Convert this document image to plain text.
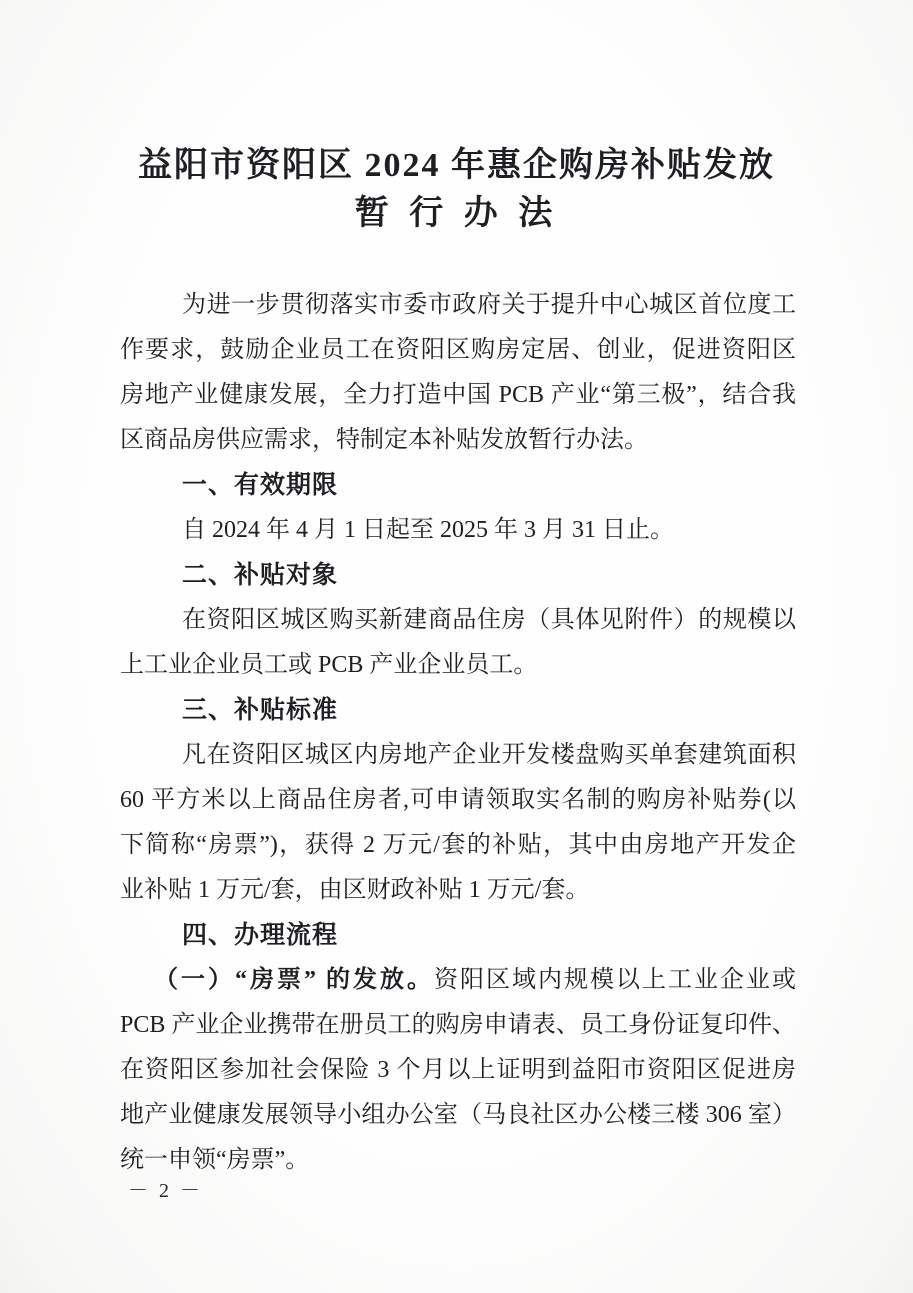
益阳市资阳区 2024 年惠企购房补贴发放
暂 行 办 法
为进一步贯彻落实市委市政府关于提升中心城区首位度工
作要求，鼓励企业员工在资阳区购房定居、创业，促进资阳区
房地产业健康发展，全力打造中国 PCB 产业“第三极”，结合我
区商品房供应需求，特制定本补贴发放暂行办法。
一、有效期限
自 2024 年 4 月 1 日起至 2025 年 3 月 31 日止。
二、补贴对象
在资阳区城区购买新建商品住房（具体见附件）的规模以
上工业企业员工或 PCB 产业企业员工。
三、补贴标准
凡在资阳区城区内房地产企业开发楼盘购买单套建筑面积
60 平方米以上商品住房者,可申请领取实名制的购房补贴券(以
下简称“房票”)，获得 2 万元/套的补贴，其中由房地产开发企
业补贴 1 万元/套，由区财政补贴 1 万元/套。
四、办理流程
（一）“房票” 的发放。资阳区域内规模以上工业企业或
PCB 产业企业携带在册员工的购房申请表、员工身份证复印件、
在资阳区参加社会保险 3 个月以上证明到益阳市资阳区促进房
地产业健康发展领导小组办公室（马良社区办公楼三楼 306 室）
统一申领“房票”。
－ 2 －
